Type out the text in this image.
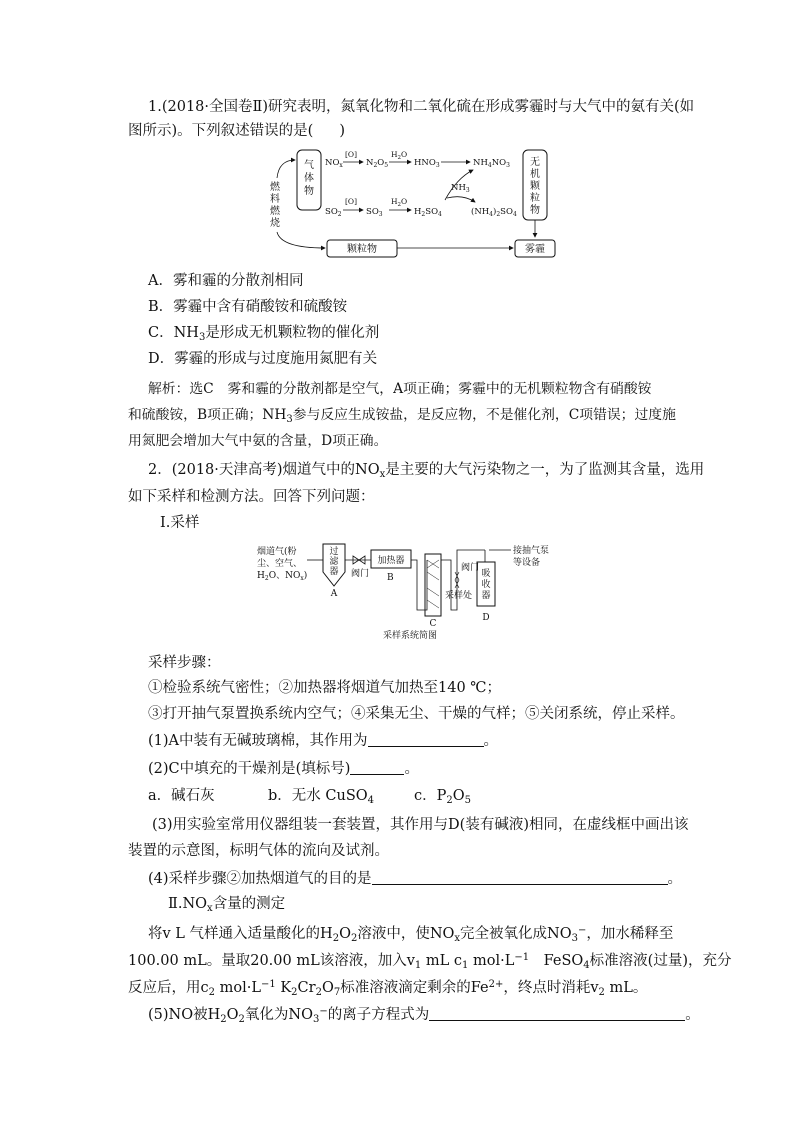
1.(2018·全国卷Ⅱ)研究表明，氮氧化物和二氧化硫在形成雾霾时与大气中的氨有关(如
图所示)。下列叙述错误的是( )
气
体
物
燃
料
燃
烧
$NO_x$
[O]
$N_2O_5$
$H_2O$
$HNO_3$	$NH_4NO_3$
$NH_3$
$SO_2$
[O]
$SO_3$
$H_2O$
$H_2SO_4$	$(NH_4)_2SO_4$
无
机
颗
粒
物
颗粒物	雾霾
A．雾和霾的分散剂相同
B．雾霾中含有硝酸铵和硫酸铵
C．$NH_3$是形成无机颗粒物的催化剂
D．雾霾的形成与过度施用氮肥有关
解析：选C　雾和霾的分散剂都是空气，A项正确；雾霾中的无机颗粒物含有硝酸铵
和硫酸铵，B项正确；$NH_3$参与反应生成铵盐，是反应物，不是催化剂，C项错误；过度施
用氮肥会增加大气中氨的含量，D项正确。
2．(2018·天津高考)烟道气中的$NO_x$是主要的大气污染物之一，为了监测其含量，选用
如下采样和检测方法。回答下列问题：
Ⅰ.采样
烟道气(粉
尘、空气、
$H_2O$、$NO_x$)
过
滤
器
A
阀门
加热器
B
C
阀门
采样处
吸
收
器
D
接抽气泵
等设备
采样系统简图
采样步骤：
①检验系统气密性；②加热器将烟道气加热至140 ℃；
③打开抽气泵置换系统内空气；④采集无尘、干燥的气样；⑤关闭系统，停止采样。
(1)A中装有无碱玻璃棉，其作用为	。
(2)C中填充的干燥剂是(填标号)	。
a．碱石灰	b．无水 CuSO$_4$	c．$P_2O_5$
(3)用实验室常用仪器组装一套装置，其作用与D(装有碱液)相同，在虚线框中画出该
装置的示意图，标明气体的流向及试剂。
(4)采样步骤②加热烟道气的目的是	。
$Ⅱ.NO_x$含量的测定
将v L 气样通入适量酸化的$H_2O_2$溶液中，使$NO_x$完全被氧化成$NO_3^-$，加水稀释至
100.00 mL。量取20.00 mL该溶液，加入$v_1$ mL $c_1$ $mol\cdot L^{-1}$　FeSO$_4$标准溶液(过量)，充分
反应后，用$c_2$ $mol\cdot L^{-1}$ $K_2Cr_2O_7$标准溶液滴定剩余的$Fe^{2+}$，终点时消耗$v_2$ mL。
(5)NO被$H_2O_2$氧化为$NO_3^-$的离子方程式为	。
